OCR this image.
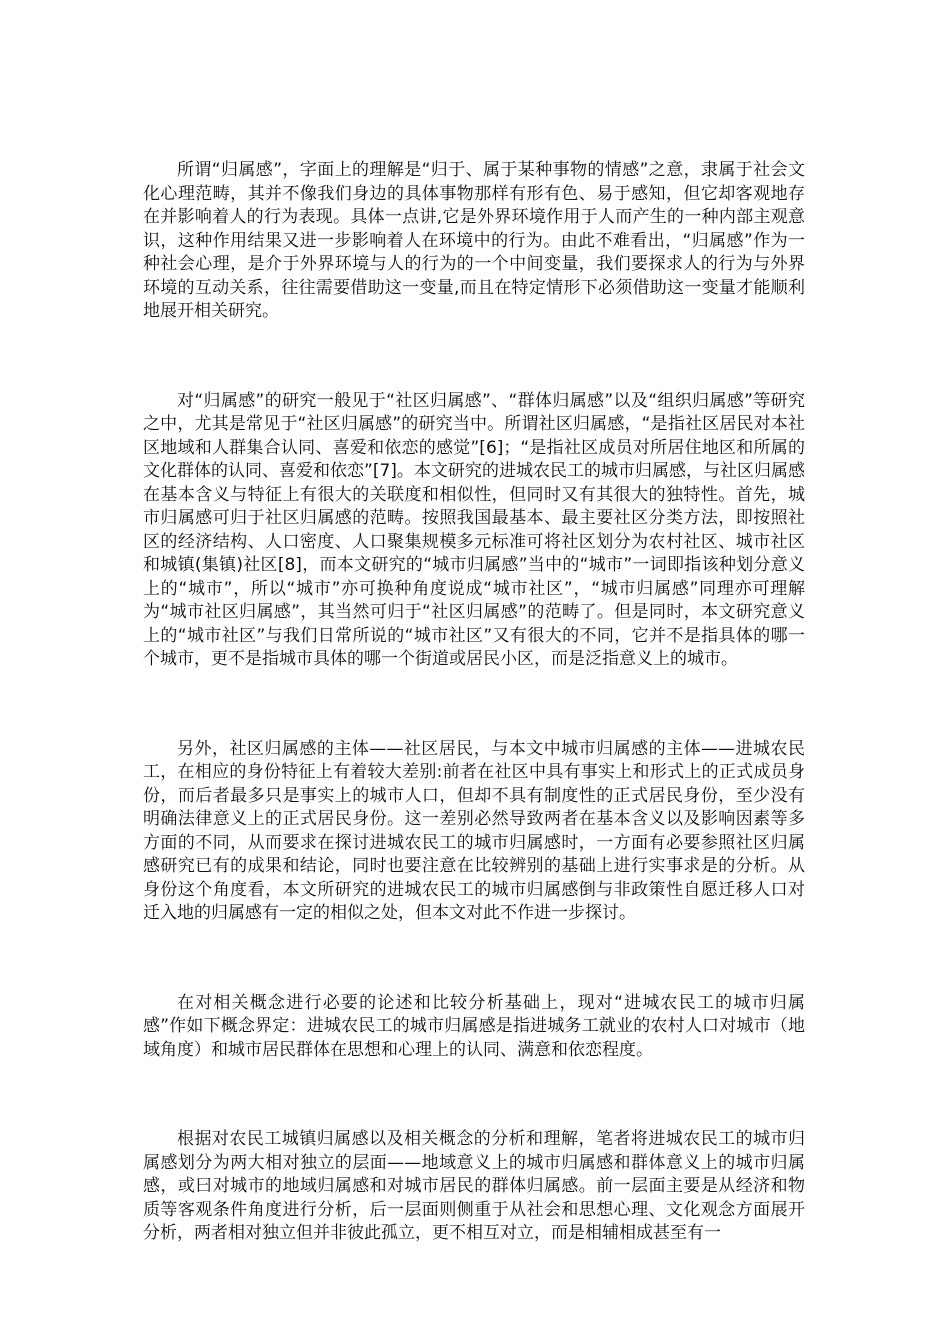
所谓“归属感”，字面上的理解是“归于、属于某种事物的情感”之意，隶属于社会文化心理范畴，其并不像我们身边的具体事物那样有形有色、易于感知，但它却客观地存在并影响着人的行为表现。具体一点讲,它是外界环境作用于人而产生的一种内部主观意识，这种作用结果又进一步影响着人在环境中的行为。由此不难看出，“归属感”作为一种社会心理，是介于外界环境与人的行为的一个中间变量，我们要探求人的行为与外界环境的互动关系，往往需要借助这一变量,而且在特定情形下必须借助这一变量才能顺利地展开相关研究。

对“归属感”的研究一般见于“社区归属感”、“群体归属感”以及“组织归属感”等研究之中，尤其是常见于“社区归属感”的研究当中。所谓社区归属感，“是指社区居民对本社区地域和人群集合认同、喜爱和依恋的感觉”[6]；“是指社区成员对所居住地区和所属的文化群体的认同、喜爱和依恋”[7]。本文研究的进城农民工的城市归属感，与社区归属感在基本含义与特征上有很大的关联度和相似性，但同时又有其很大的独特性。首先，城市归属感可归于社区归属感的范畴。按照我国最基本、最主要社区分类方法，即按照社区的经济结构、人口密度、人口聚集规模多元标准可将社区划分为农村社区、城市社区和城镇(集镇)社区[8]，而本文研究的“城市归属感”当中的“城市”一词即指该种划分意义上的“城市”，所以“城市”亦可换种角度说成“城市社区”，“城市归属感”同理亦可理解为“城市社区归属感”，其当然可归于“社区归属感”的范畴了。但是同时，本文研究意义上的“城市社区”与我们日常所说的“城市社区”又有很大的不同，它并不是指具体的哪一个城市，更不是指城市具体的哪一个街道或居民小区，而是泛指意义上的城市。

另外，社区归属感的主体——社区居民，与本文中城市归属感的主体——进城农民工，在相应的身份特征上有着较大差别:前者在社区中具有事实上和形式上的正式成员身份，而后者最多只是事实上的城市人口，但却不具有制度性的正式居民身份，至少没有明确法律意义上的正式居民身份。这一差别必然导致两者在基本含义以及影响因素等多方面的不同，从而要求在探讨进城农民工的城市归属感时，一方面有必要参照社区归属感研究已有的成果和结论，同时也要注意在比较辨别的基础上进行实事求是的分析。从身份这个角度看，本文所研究的进城农民工的城市归属感倒与非政策性自愿迁移人口对迁入地的归属感有一定的相似之处，但本文对此不作进一步探讨。

在对相关概念进行必要的论述和比较分析基础上，现对“进城农民工的城市归属感”作如下概念界定：进城农民工的城市归属感是指进城务工就业的农村人口对城市（地域角度）和城市居民群体在思想和心理上的认同、满意和依恋程度。

根据对农民工城镇归属感以及相关概念的分析和理解，笔者将进城农民工的城市归属感划分为两大相对独立的层面——地域意义上的城市归属感和群体意义上的城市归属感，或曰对城市的地域归属感和对城市居民的群体归属感。前一层面主要是从经济和物质等客观条件角度进行分析，后一层面则侧重于从社会和思想心理、文化观念方面展开分析，两者相对独立但并非彼此孤立，更不相互对立，而是相辅相成甚至有一
